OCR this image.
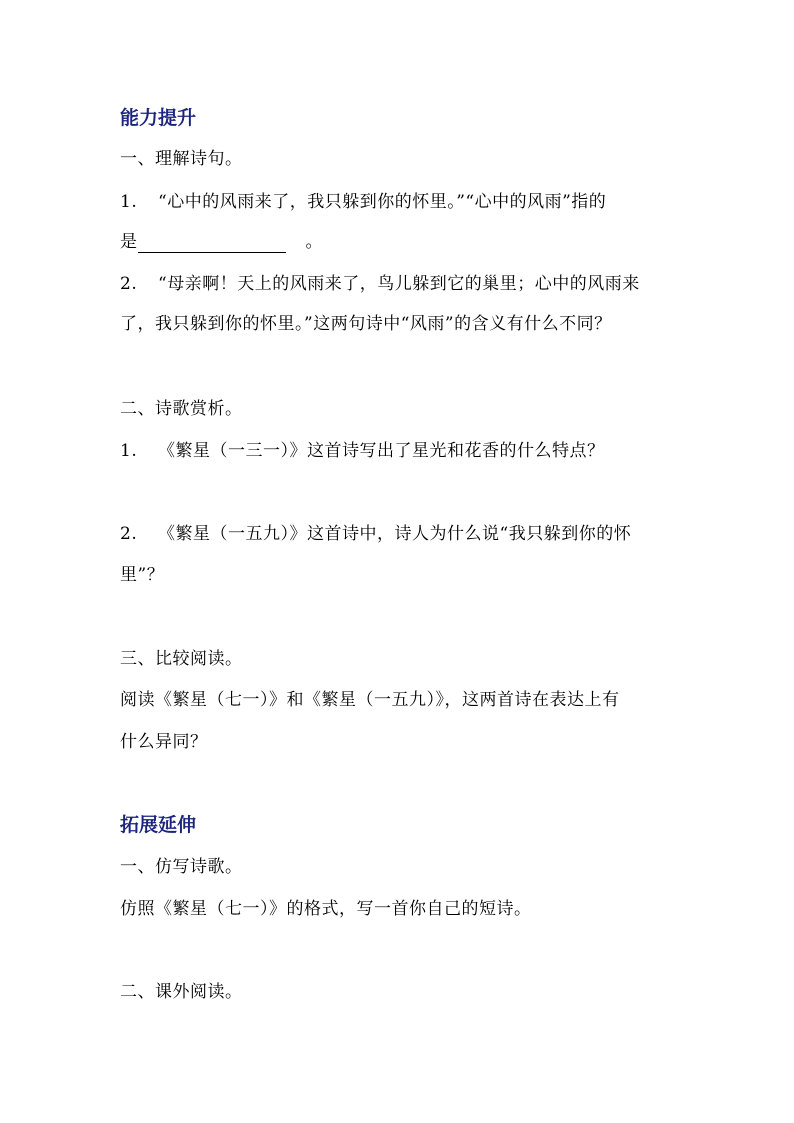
能力提升
一、理解诗句。
1. “心中的风雨来了，我只躲到你的怀里。”“心中的风雨”指的
是	。
2. “母亲啊！天上的风雨来了，鸟儿躲到它的巢里；心中的风雨来
了，我只躲到你的怀里。”这两句诗中“风雨”的含义有什么不同？
二、诗歌赏析。
1. 《繁星（一三一）》这首诗写出了星光和花香的什么特点？
2. 《繁星（一五九）》这首诗中，诗人为什么说“我只躲到你的怀
里”？
三、比较阅读。
阅读《繁星（七一）》和《繁星（一五九）》，这两首诗在表达上有
什么异同？
拓展延伸
一、仿写诗歌。
仿照《繁星（七一）》的格式，写一首你自己的短诗。
二、课外阅读。
